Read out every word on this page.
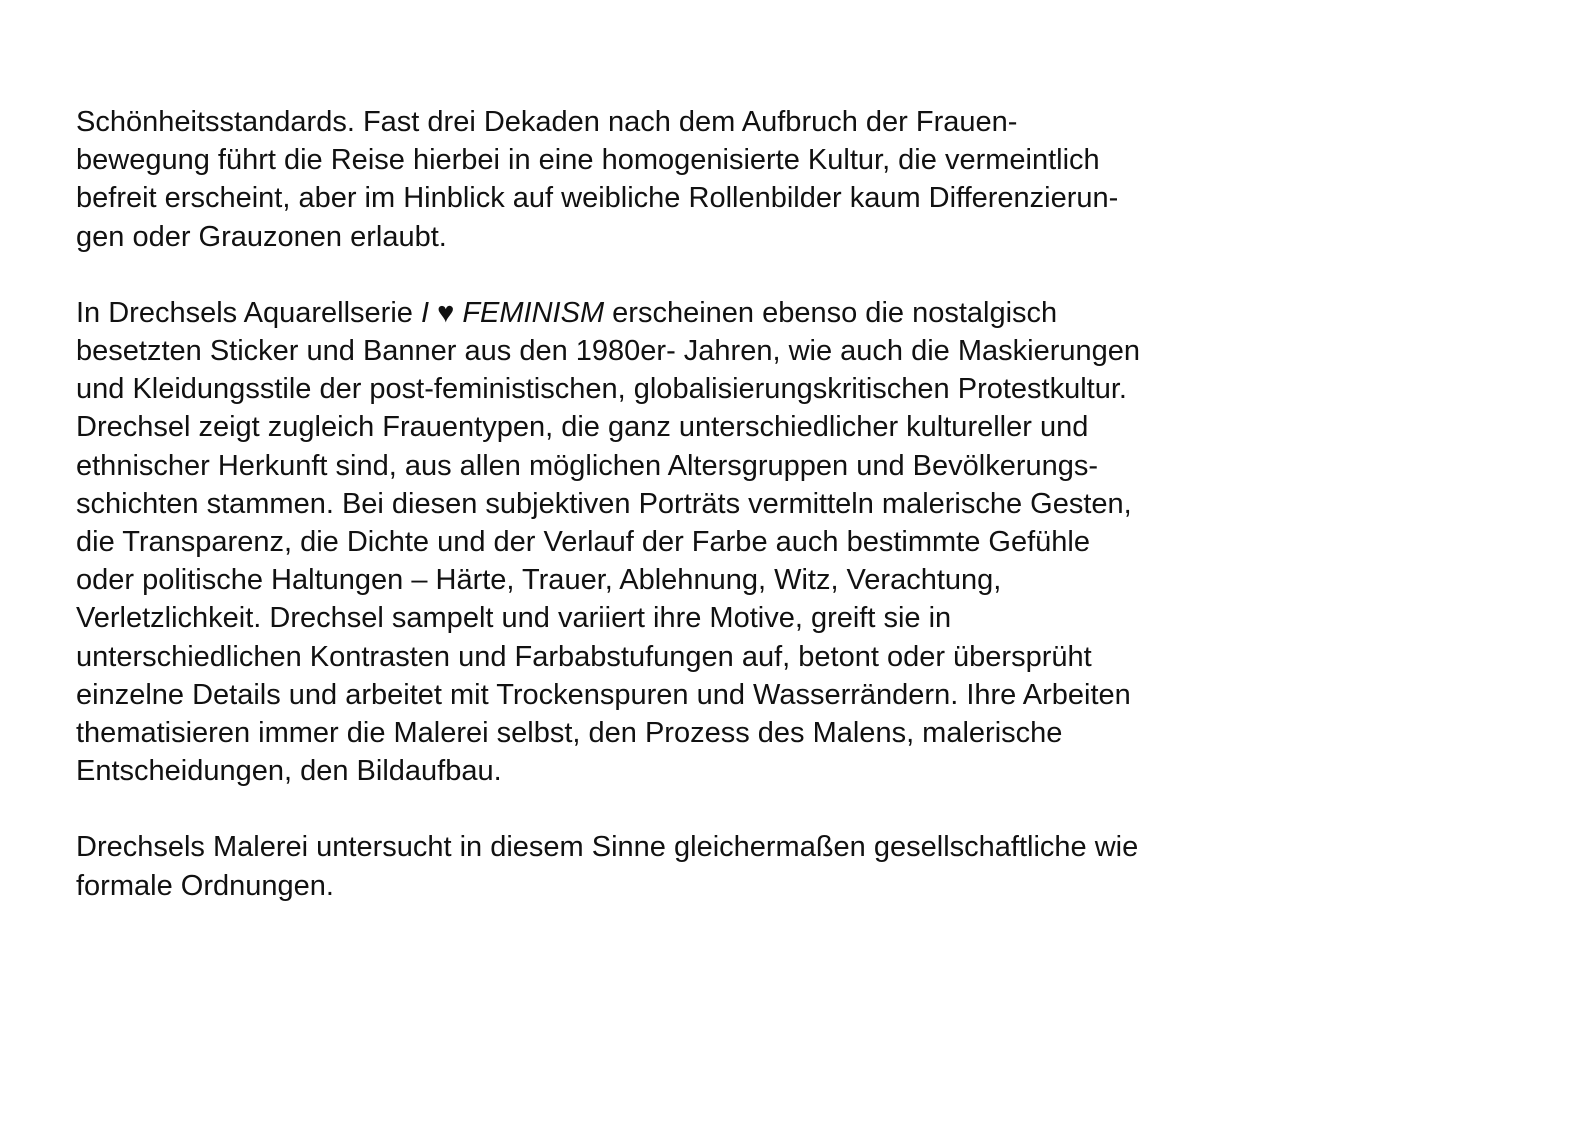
Schönheitsstandards. Fast drei Dekaden nach dem Aufbruch der Frauen-
bewegung führt die Reise hierbei in eine homogenisierte Kultur, die vermeintlich
befreit erscheint, aber im Hinblick auf weibliche Rollenbilder kaum Differenzierun-
gen oder Grauzonen erlaubt.
In Drechsels Aquarellserie I ♥ FEMINISM erscheinen ebenso die nostalgisch
besetzten Sticker und Banner aus den 1980er- Jahren, wie auch die Maskierungen
und Kleidungsstile der post-feministischen, globalisierungskritischen Protestkultur.
Drechsel zeigt zugleich Frauentypen, die ganz unterschiedlicher kultureller und
ethnischer Herkunft sind, aus allen möglichen Altersgruppen und Bevölkerungs-
schichten stammen. Bei diesen subjektiven Porträts vermitteln malerische Gesten,
die Transparenz, die Dichte und der Verlauf der Farbe auch bestimmte Gefühle
oder politische Haltungen – Härte, Trauer, Ablehnung, Witz, Verachtung,
Verletzlichkeit. Drechsel sampelt und variiert ihre Motive, greift sie in
unterschiedlichen Kontrasten und Farbabstufungen auf, betont oder übersprüht
einzelne Details und arbeitet mit Trockenspuren und Wasserrändern. Ihre Arbeiten
thematisieren immer die Malerei selbst, den Prozess des Malens, malerische
Entscheidungen, den Bildaufbau.
Drechsels Malerei untersucht in diesem Sinne gleichermaßen gesellschaftliche wie
formale Ordnungen.
